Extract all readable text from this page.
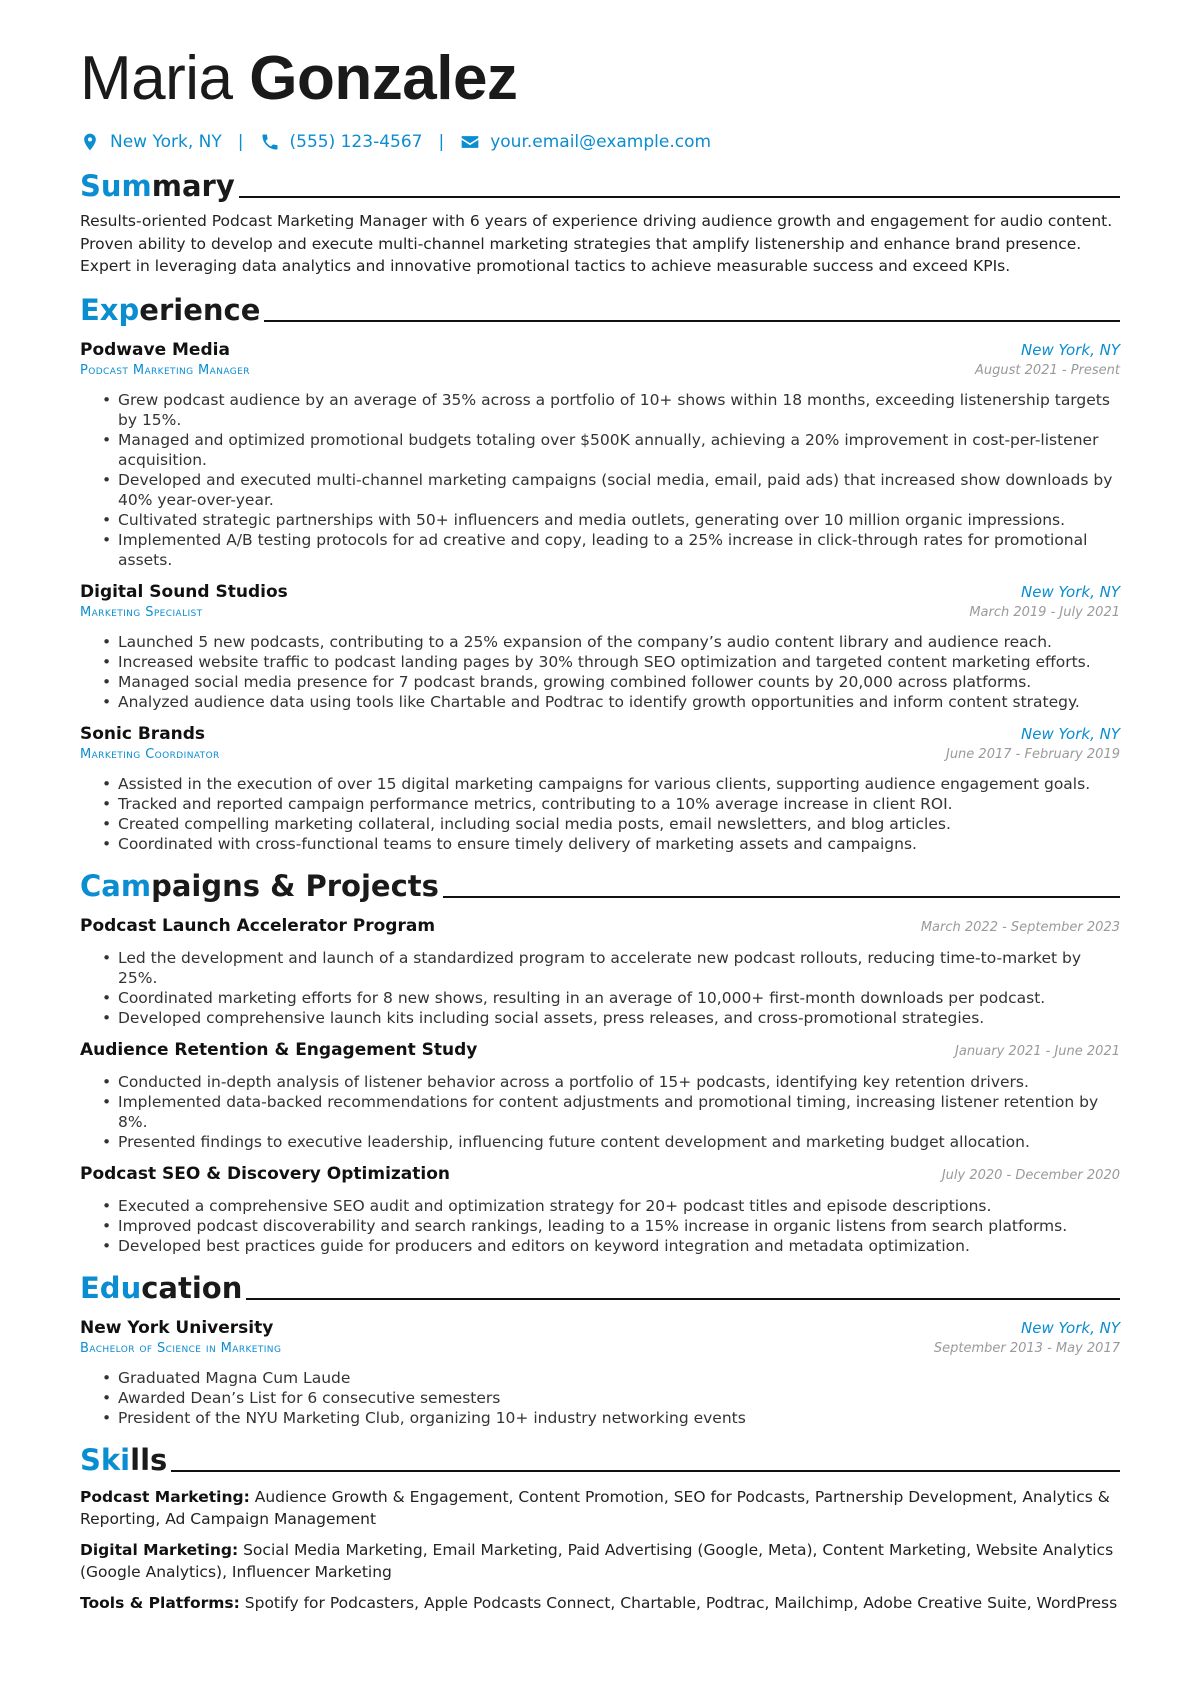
Maria Gonzalez
New York, NY |	(555) 123-4567 |	your.email@example.com
Summary
Results-oriented Podcast Marketing Manager with 6 years of experience driving audience growth and engagement for audio content. Proven ability to develop and execute multi-channel marketing strategies that amplify listenership and enhance brand presence. Expert in leveraging data analytics and innovative promotional tactics to achieve measurable success and exceed KPIs.
Experience
Podwave Media	New York, NY
Podcast Marketing Manager	August 2021 - Present
• Grew podcast audience by an average of 35% across a portfolio of 10+ shows within 18 months, exceeding listenership targets by 15%.
• Managed and optimized promotional budgets totaling over $500K annually, achieving a 20% improvement in cost-per-listener acquisition.
• Developed and executed multi-channel marketing campaigns (social media, email, paid ads) that increased show downloads by 40% year-over-year.
• Cultivated strategic partnerships with 50+ influencers and media outlets, generating over 10 million organic impressions.
• Implemented A/B testing protocols for ad creative and copy, leading to a 25% increase in click-through rates for promotional assets.
Digital Sound Studios	New York, NY
Marketing Specialist	March 2019 - July 2021
• Launched 5 new podcasts, contributing to a 25% expansion of the company’s audio content library and audience reach.
• Increased website traffic to podcast landing pages by 30% through SEO optimization and targeted content marketing efforts.
• Managed social media presence for 7 podcast brands, growing combined follower counts by 20,000 across platforms.
• Analyzed audience data using tools like Chartable and Podtrac to identify growth opportunities and inform content strategy.
Sonic Brands	New York, NY
Marketing Coordinator	June 2017 - February 2019
• Assisted in the execution of over 15 digital marketing campaigns for various clients, supporting audience engagement goals.
• Tracked and reported campaign performance metrics, contributing to a 10% average increase in client ROI.
• Created compelling marketing collateral, including social media posts, email newsletters, and blog articles.
• Coordinated with cross-functional teams to ensure timely delivery of marketing assets and campaigns.
Campaigns & Projects
Podcast Launch Accelerator Program	March 2022 - September 2023
• Led the development and launch of a standardized program to accelerate new podcast rollouts, reducing time-to-market by 25%.
• Coordinated marketing efforts for 8 new shows, resulting in an average of 10,000+ first-month downloads per podcast.
• Developed comprehensive launch kits including social assets, press releases, and cross-promotional strategies.
Audience Retention & Engagement Study	January 2021 - June 2021
• Conducted in-depth analysis of listener behavior across a portfolio of 15+ podcasts, identifying key retention drivers.
• Implemented data-backed recommendations for content adjustments and promotional timing, increasing listener retention by 8%.
• Presented findings to executive leadership, influencing future content development and marketing budget allocation.
Podcast SEO & Discovery Optimization	July 2020 - December 2020
• Executed a comprehensive SEO audit and optimization strategy for 20+ podcast titles and episode descriptions.
• Improved podcast discoverability and search rankings, leading to a 15% increase in organic listens from search platforms.
• Developed best practices guide for producers and editors on keyword integration and metadata optimization.
Education
New York University	New York, NY
Bachelor of Science in Marketing	September 2013 - May 2017
• Graduated Magna Cum Laude
• Awarded Dean’s List for 6 consecutive semesters
• President of the NYU Marketing Club, organizing 10+ industry networking events
Skills
Podcast Marketing: Audience Growth & Engagement, Content Promotion, SEO for Podcasts, Partnership Development, Analytics & Reporting, Ad Campaign Management
Digital Marketing: Social Media Marketing, Email Marketing, Paid Advertising (Google, Meta), Content Marketing, Website Analytics (Google Analytics), Influencer Marketing
Tools & Platforms: Spotify for Podcasters, Apple Podcasts Connect, Chartable, Podtrac, Mailchimp, Adobe Creative Suite, WordPress
